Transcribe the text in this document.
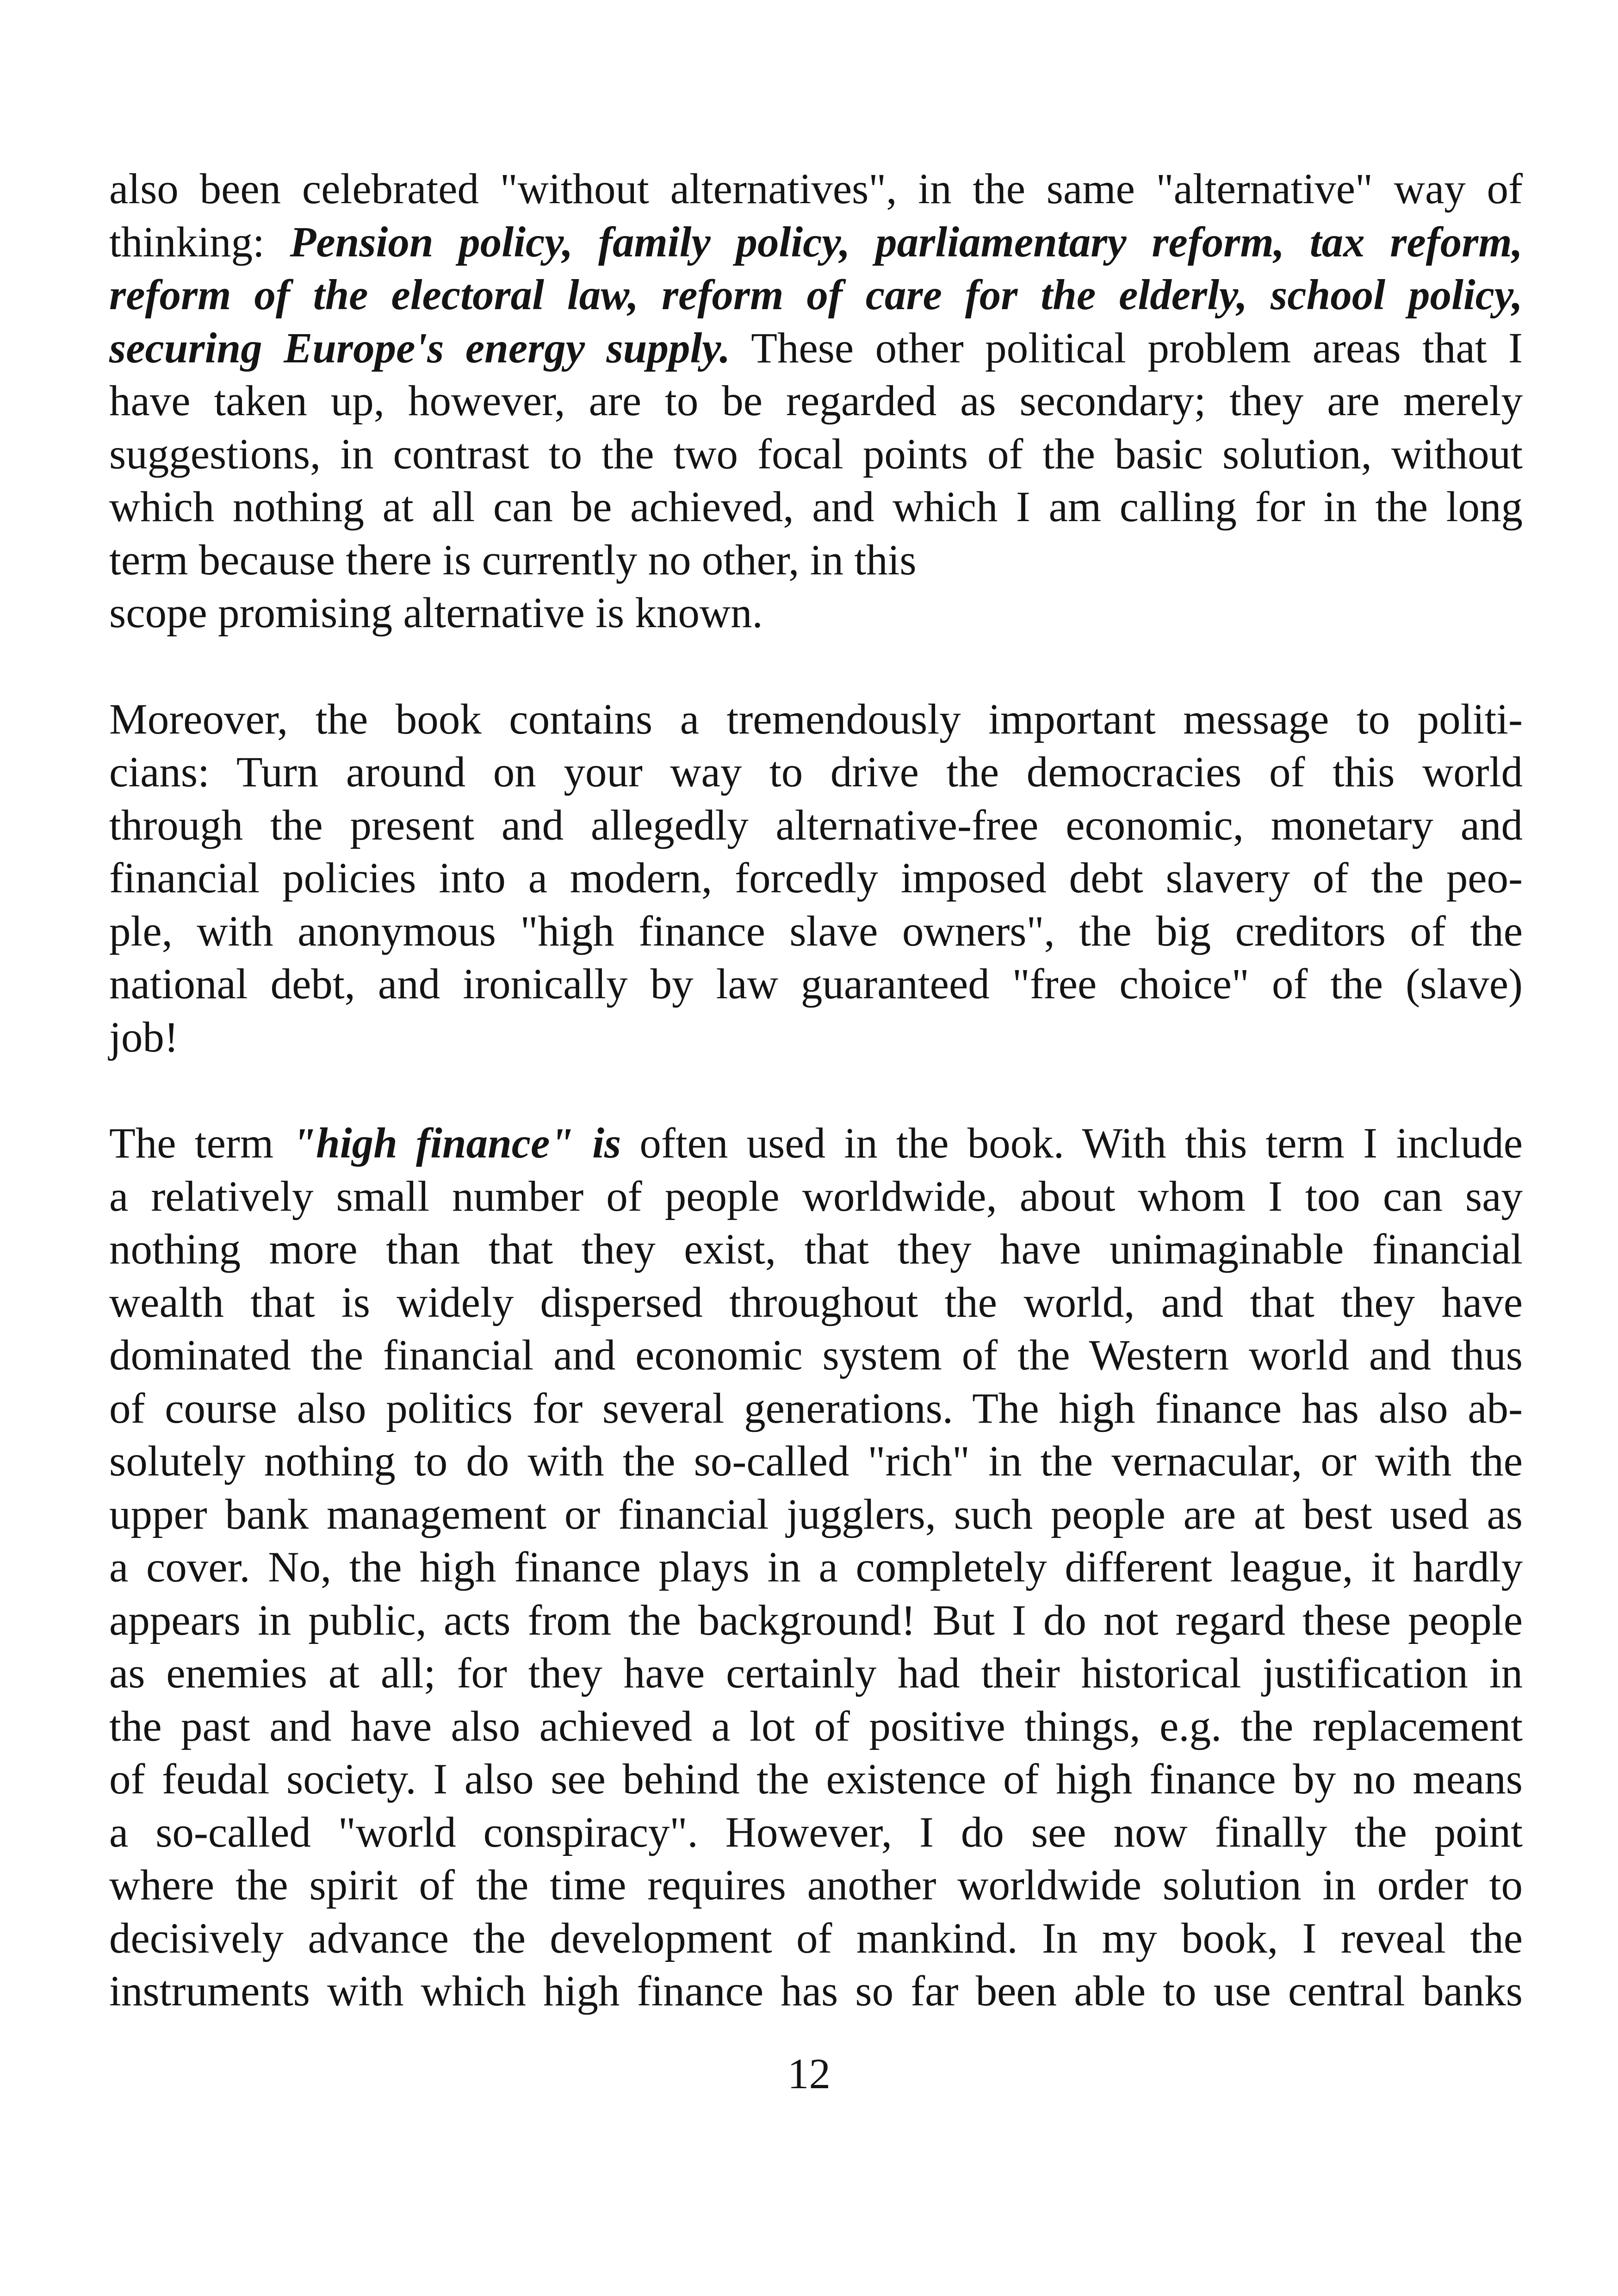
also been celebrated "without alternatives", in the same "alternative" way of
thinking: Pension policy, family policy, parliamentary reform, tax reform,
reform of the electoral law, reform of care for the elderly, school policy,
securing Europe's energy supply. These other political problem areas that I
have taken up, however, are to be regarded as secondary; they are merely
suggestions, in contrast to the two focal points of the basic solution, without
which nothing at all can be achieved, and which I am calling for in the long
term because there is currently no other, in this
scope promising alternative is known.
Moreover, the book contains a tremendously important message to politi-
cians: Turn around on your way to drive the democracies of this world
through the present and allegedly alternative-free economic, monetary and
financial policies into a modern, forcedly imposed debt slavery of the peo-
ple, with anonymous "high finance slave owners", the big creditors of the
national debt, and ironically by law guaranteed "free choice" of the (slave)
job!
The term "high finance" is often used in the book. With this term I include
a relatively small number of people worldwide, about whom I too can say
nothing more than that they exist, that they have unimaginable financial
wealth that is widely dispersed throughout the world, and that they have
dominated the financial and economic system of the Western world and thus
of course also politics for several generations. The high finance has also ab-
solutely nothing to do with the so-called "rich" in the vernacular, or with the
upper bank management or financial jugglers, such people are at best used as
a cover. No, the high finance plays in a completely different league, it hardly
appears in public, acts from the background! But I do not regard these people
as enemies at all; for they have certainly had their historical justification in
the past and have also achieved a lot of positive things, e.g. the replacement
of feudal society. I also see behind the existence of high finance by no means
a so-called "world conspiracy". However, I do see now finally the point
where the spirit of the time requires another worldwide solution in order to
decisively advance the development of mankind. In my book, I reveal the
instruments with which high finance has so far been able to use central banks
12
